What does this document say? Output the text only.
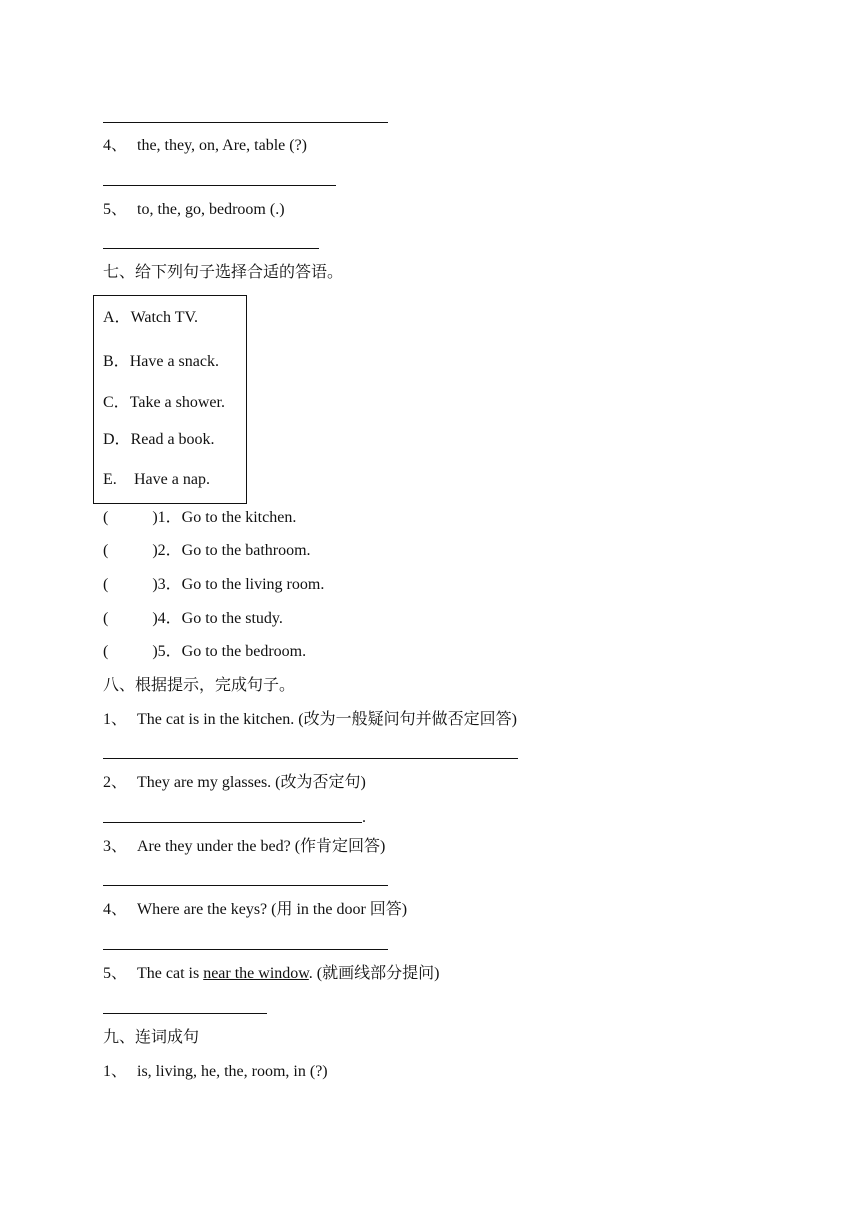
4、 the, they, on, Are, table (?)
5、 to, the, go, bedroom (.)
七、给下列句子选择合适的答语。
A．Watch TV.
B．Have a snack.
C．Take a shower.
D．Read a book.
E. Have a nap.
(	)1．Go to the kitchen.
(	)2．Go to the bathroom.
(	)3．Go to the living room.
(	)4．Go to the study.
(	)5．Go to the bedroom.
八、根据提示，完成句子。
1、 The cat is in the kitchen. (改为一般疑问句并做否定回答)
2、 They are my glasses. (改为否定句)
.
3、 Are they under the bed? (作肯定回答)
4、 Where are the keys? (用 in the door 回答)
5、 The cat is near the window. (就画线部分提问)
九、连词成句
1、 is, living, he, the, room, in (?)
